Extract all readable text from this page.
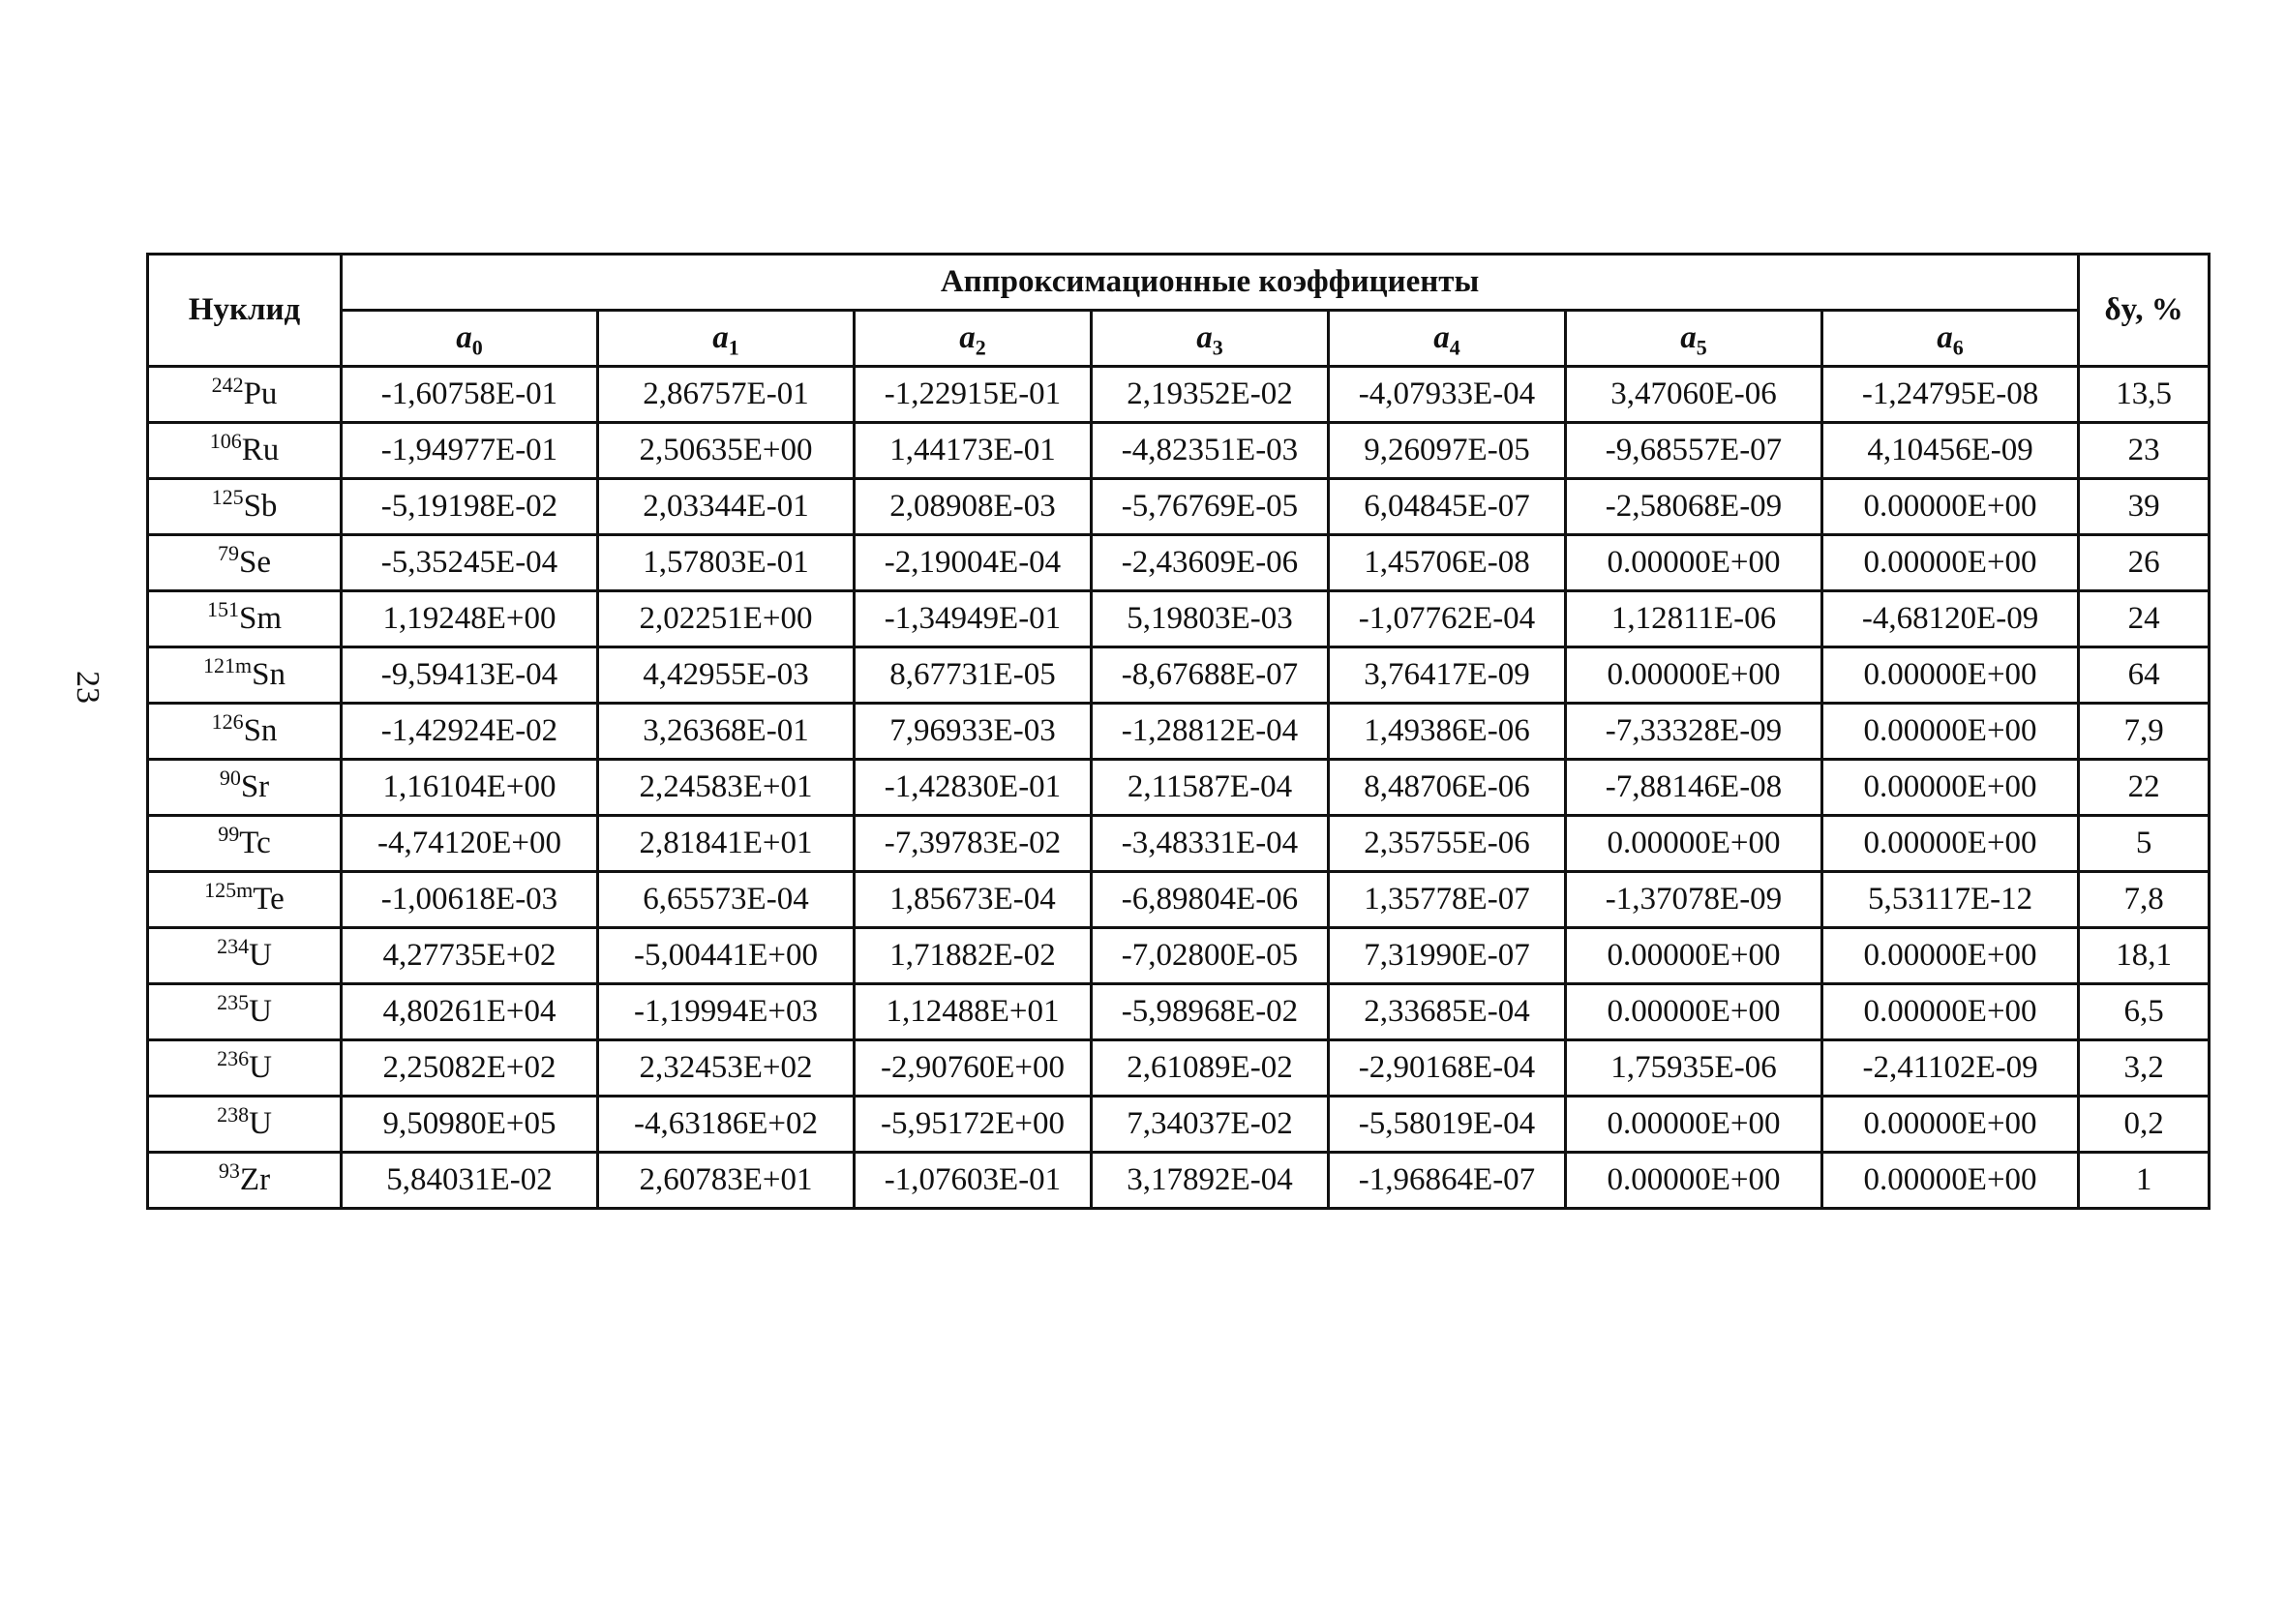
23
Нуклид	Аппроксимационные коэффициенты							δy, %
	$a_0$	$a_1$	$a_2$	$a_3$	$a_4$	$a_5$	$a_6$
$^{242}$Pu	-1,60758E-01	2,86757E-01	-1,22915E-01	2,19352E-02	-4,07933E-04	3,47060E-06	-1,24795E-08	13,5
$^{106}$Ru	-1,94977E-01	2,50635E+00	1,44173E-01	-4,82351E-03	9,26097E-05	-9,68557E-07	4,10456E-09	23
$^{125}$Sb	-5,19198E-02	2,03344E-01	2,08908E-03	-5,76769E-05	6,04845E-07	-2,58068E-09	0.00000E+00	39
$^{79}$Se	-5,35245E-04	1,57803E-01	-2,19004E-04	-2,43609E-06	1,45706E-08	0.00000E+00	0.00000E+00	26
$^{151}$Sm	1,19248E+00	2,02251E+00	-1,34949E-01	5,19803E-03	-1,07762E-04	1,12811E-06	-4,68120E-09	24
$^{121m}$Sn	-9,59413E-04	4,42955E-03	8,67731E-05	-8,67688E-07	3,76417E-09	0.00000E+00	0.00000E+00	64
$^{126}$Sn	-1,42924E-02	3,26368E-01	7,96933E-03	-1,28812E-04	1,49386E-06	-7,33328E-09	0.00000E+00	7,9
$^{90}$Sr	1,16104E+00	2,24583E+01	-1,42830E-01	2,11587E-04	8,48706E-06	-7,88146E-08	0.00000E+00	22
$^{99}$Tc	-4,74120E+00	2,81841E+01	-7,39783E-02	-3,48331E-04	2,35755E-06	0.00000E+00	0.00000E+00	5
$^{125m}$Te	-1,00618E-03	6,65573E-04	1,85673E-04	-6,89804E-06	1,35778E-07	-1,37078E-09	5,53117E-12	7,8
$^{234}$U	4,27735E+02	-5,00441E+00	1,71882E-02	-7,02800E-05	7,31990E-07	0.00000E+00	0.00000E+00	18,1
$^{235}$U	4,80261E+04	-1,19994E+03	1,12488E+01	-5,98968E-02	2,33685E-04	0.00000E+00	0.00000E+00	6,5
$^{236}$U	2,25082E+02	2,32453E+02	-2,90760E+00	2,61089E-02	-2,90168E-04	1,75935E-06	-2,41102E-09	3,2
$^{238}$U	9,50980E+05	-4,63186E+02	-5,95172E+00	7,34037E-02	-5,58019E-04	0.00000E+00	0.00000E+00	0,2
$^{93}$Zr	5,84031E-02	2,60783E+01	-1,07603E-01	3,17892E-04	-1,96864E-07	0.00000E+00	0.00000E+00	1
